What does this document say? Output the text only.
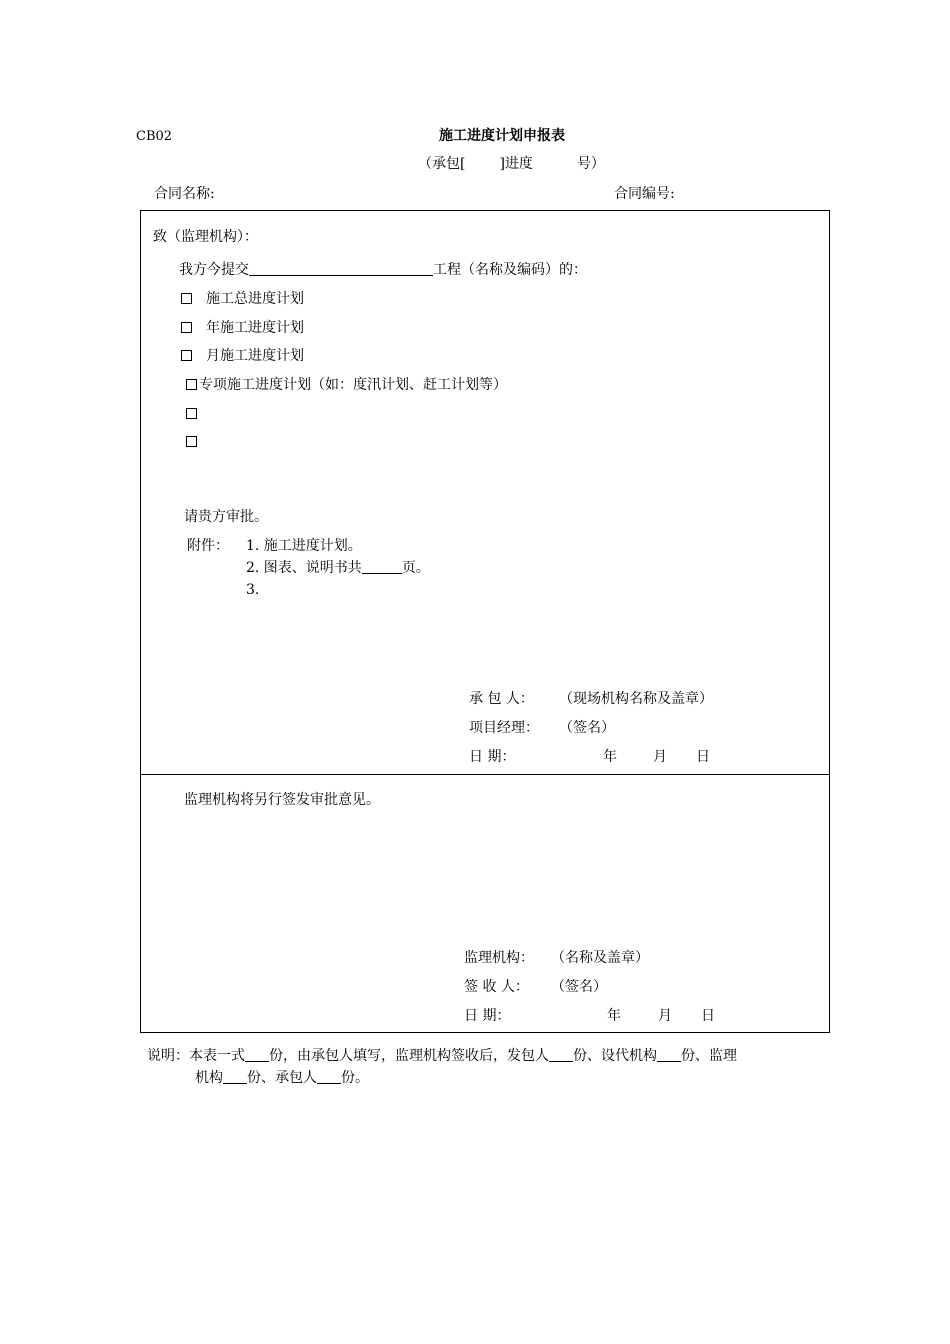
CB02	施工进度计划申报表
（承包[ ]进度	号）
合同名称:	合同编号:
致（监理机构）：
我方今提交	工程（名称及编码）的：
施工总进度计划
年施工进度计划
月施工进度计划
专项施工进度计划（如：度汛计划、赶工计划等）
请贵方审批。
附件： 1. 施工进度计划。
2. 图表、说明书共	页。
3.
承 包 人： （现场机构名称及盖章）
项目经理： （签名）
日 期：	年	月 日
监理机构将另行签发审批意见。
监理机构： （名称及盖章）
签 收 人： （签名）
日 期：	年	月 日
说明：本表一式 份，由承包人填写，监理机构签收后，发包人 份、设代机构 份、监理
机构 份、承包人 份。
